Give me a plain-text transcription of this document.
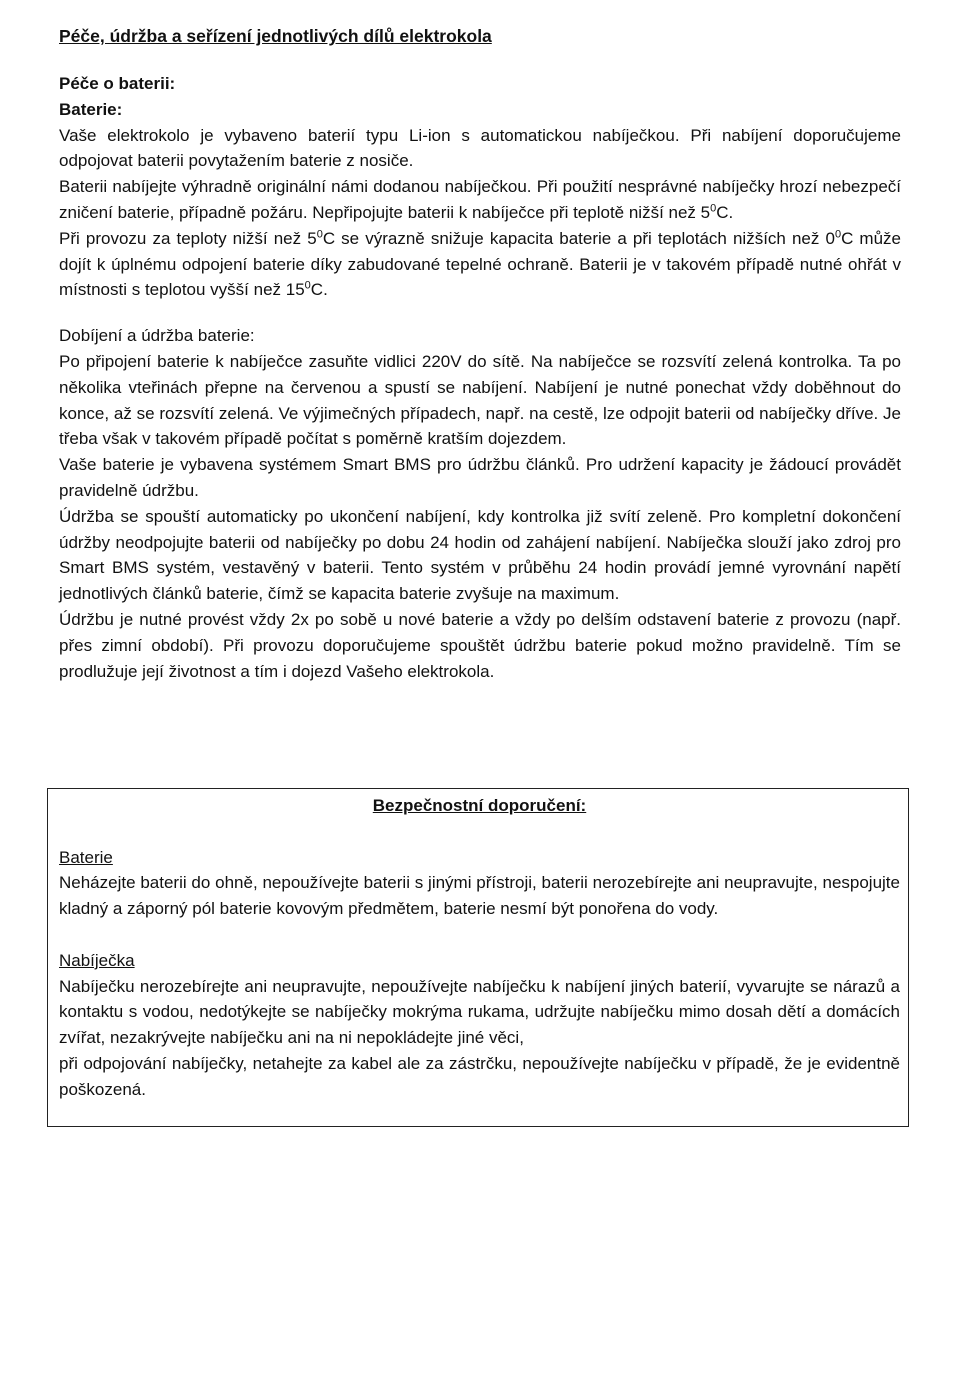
Péče, údržba a seřízení jednotlivých dílů elektrokola

Péče o baterii:

Baterie:

Vaše elektrokolo je vybaveno baterií typu Li-ion s automatickou nabíječkou. Při nabíjení doporučujeme odpojovat baterii povytažením baterie z nosiče.

Baterii nabíjejte výhradně originální námi dodanou nabíječkou. Při použití nesprávné nabíječky hrozí nebezpečí zničení baterie, případně požáru. Nepřipojujte baterii k nabíječce při teplotě nižší než $5^0C$.

Při provozu za teploty nižší než $5^0C$ se výrazně snižuje kapacita baterie a při teplotách nižších než $0^0C$ může dojít k úplnému odpojení baterie díky zabudované tepelné ochraně. Baterii je v takovém případě nutné ohřát v místnosti s teplotou vyšší než $15^0C$.

Dobíjení a údržba baterie:

Po připojení baterie k nabíječce zasuňte vidlici 220V do sítě. Na nabíječce se rozsvítí zelená kontrolka. Ta po několika vteřinách přepne na červenou a spustí se nabíjení. Nabíjení je nutné ponechat vždy doběhnout do konce, až se rozsvítí zelená. Ve výjimečných případech, např. na cestě, lze odpojit baterii od nabíječky dříve. Je třeba však v takovém případě počítat s poměrně kratším dojezdem.

Vaše baterie je vybavena systémem Smart BMS pro údržbu článků. Pro udržení kapacity je žádoucí provádět pravidelně údržbu.

Údržba se spouští automaticky po ukončení nabíjení, kdy kontrolka již svítí zeleně. Pro kompletní dokončení údržby neodpojujte baterii od nabíječky po dobu 24 hodin od zahájení nabíjení. Nabíječka slouží jako zdroj pro Smart BMS systém, vestavěný v baterii. Tento systém v průběhu 24 hodin provádí jemné vyrovnání napětí jednotlivých článků baterie, čímž se kapacita baterie zvyšuje na maximum.

Údržbu je nutné provést vždy 2x po sobě u nové baterie a vždy po delším odstavení baterie z provozu (např. přes zimní období). Při provozu doporučujeme spouštět údržbu baterie pokud možno pravidelně. Tím se prodlužuje její životnost a tím i dojezd Vašeho elektrokola.

Bezpečnostní doporučení:

Baterie

Neházejte baterii do ohně, nepoužívejte baterii s jinými přístroji, baterii nerozebírejte ani neupravujte, nespojujte kladný a záporný pól baterie kovovým předmětem, baterie nesmí být ponořena do vody.

Nabíječka

Nabíječku nerozebírejte ani neupravujte, nepoužívejte nabíječku k nabíjení jiných baterií, vyvarujte se nárazů a kontaktu s vodou, nedotýkejte se nabíječky mokrýma rukama, udržujte nabíječku mimo dosah dětí a domácích zvířat, nezakrývejte nabíječku ani na ni nepokládejte jiné věci,

při odpojování nabíječky, netahejte za kabel ale za zástrčku, nepoužívejte nabíječku v případě, že je evidentně poškozená.
